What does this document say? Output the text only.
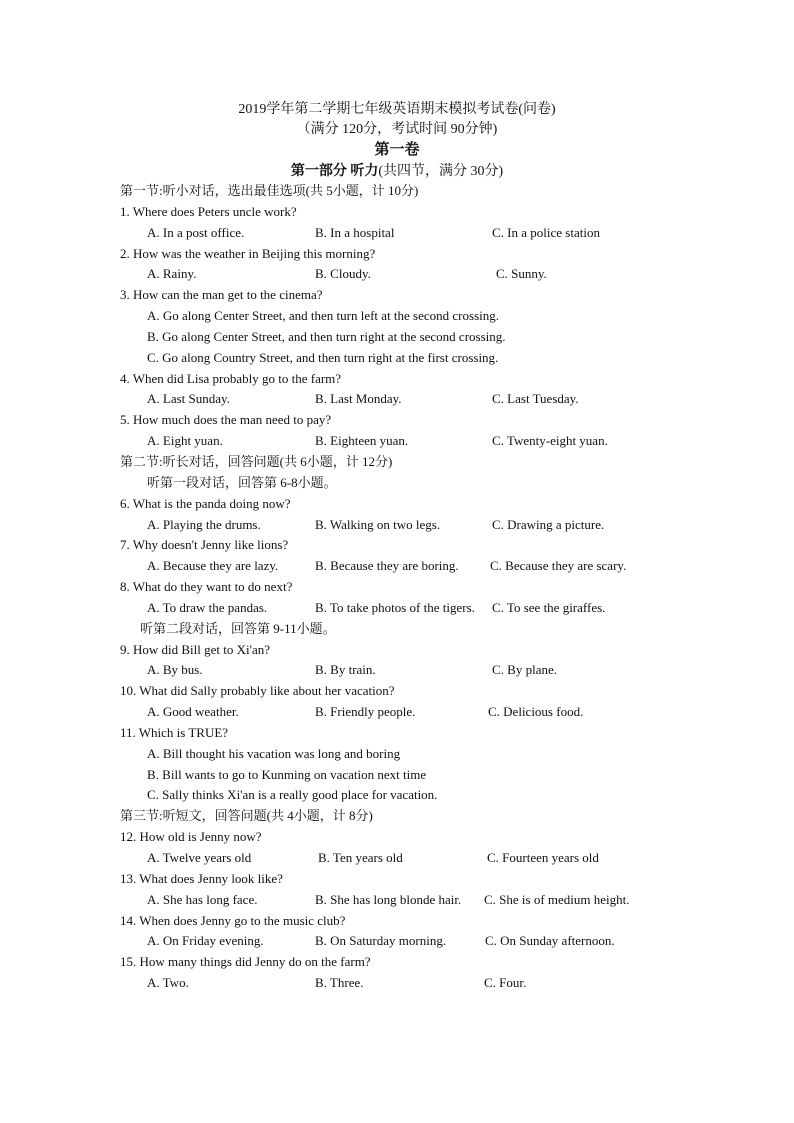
2019学年第二学期七年级英语期末模拟考试卷(问卷)
（满分 120分，考试时间 90分钟)
第一卷
第一部分 听力(共四节，满分 30分)
第一节:听小对话，选出最佳选项(共 5小题，计 10分)
1. Where does Peters uncle work?
A. In a post office.	B. In a hospital	C. In a police station
2. How was the weather in Beijing this morning?
A. Rainy.	B. Cloudy.	C. Sunny.
3. How can the man get to the cinema?
A. Go along Center Street, and then turn left at the second crossing.
B. Go along Center Street, and then turn right at the second crossing.
C. Go along Country Street, and then turn right at the first crossing.
4. When did Lisa probably go to the farm?
A. Last Sunday.	B. Last Monday.	C. Last Tuesday.
5. How much does the man need to pay?
A. Eight yuan.	B. Eighteen yuan.	C. Twenty-eight yuan.
第二节:听长对话，回答问题(共 6小题，计 12分)
听第一段对话，回答第 6-8小题。
6. What is the panda doing now?
A. Playing the drums.	B. Walking on two legs.	C. Drawing a picture.
7. Why doesn't Jenny like lions?
A. Because they are lazy.	B. Because they are boring. C. Because they are scary.
8. What do they want to do next?
A. To draw the pandas.	B. To take photos of the tigers. C. To see the giraffes.
听第二段对话，回答第 9-11小题。
9. How did Bill get to Xi'an?
A. By bus.	B. By train.	C. By plane.
10. What did Sally probably like about her vacation?
A. Good weather.	B. Friendly people.	C. Delicious food.
11. Which is TRUE?
A. Bill thought his vacation was long and boring
B. Bill wants to go to Kunming on vacation next time
C. Sally thinks Xi'an is a really good place for vacation.
第三节:听短文，回答问题(共 4小题，计 8分)
12. How old is Jenny now?
A. Twelve years old	B. Ten years old	C. Fourteen years old
13. What does Jenny look like?
A. She has long face.	B. She has long blonde hair. C. She is of medium height.
14. When does Jenny go to the music club?
A. On Friday evening.	B. On Saturday morning.	C. On Sunday afternoon.
15. How many things did Jenny do on the farm?
A. Two.	B. Three.	C. Four.
